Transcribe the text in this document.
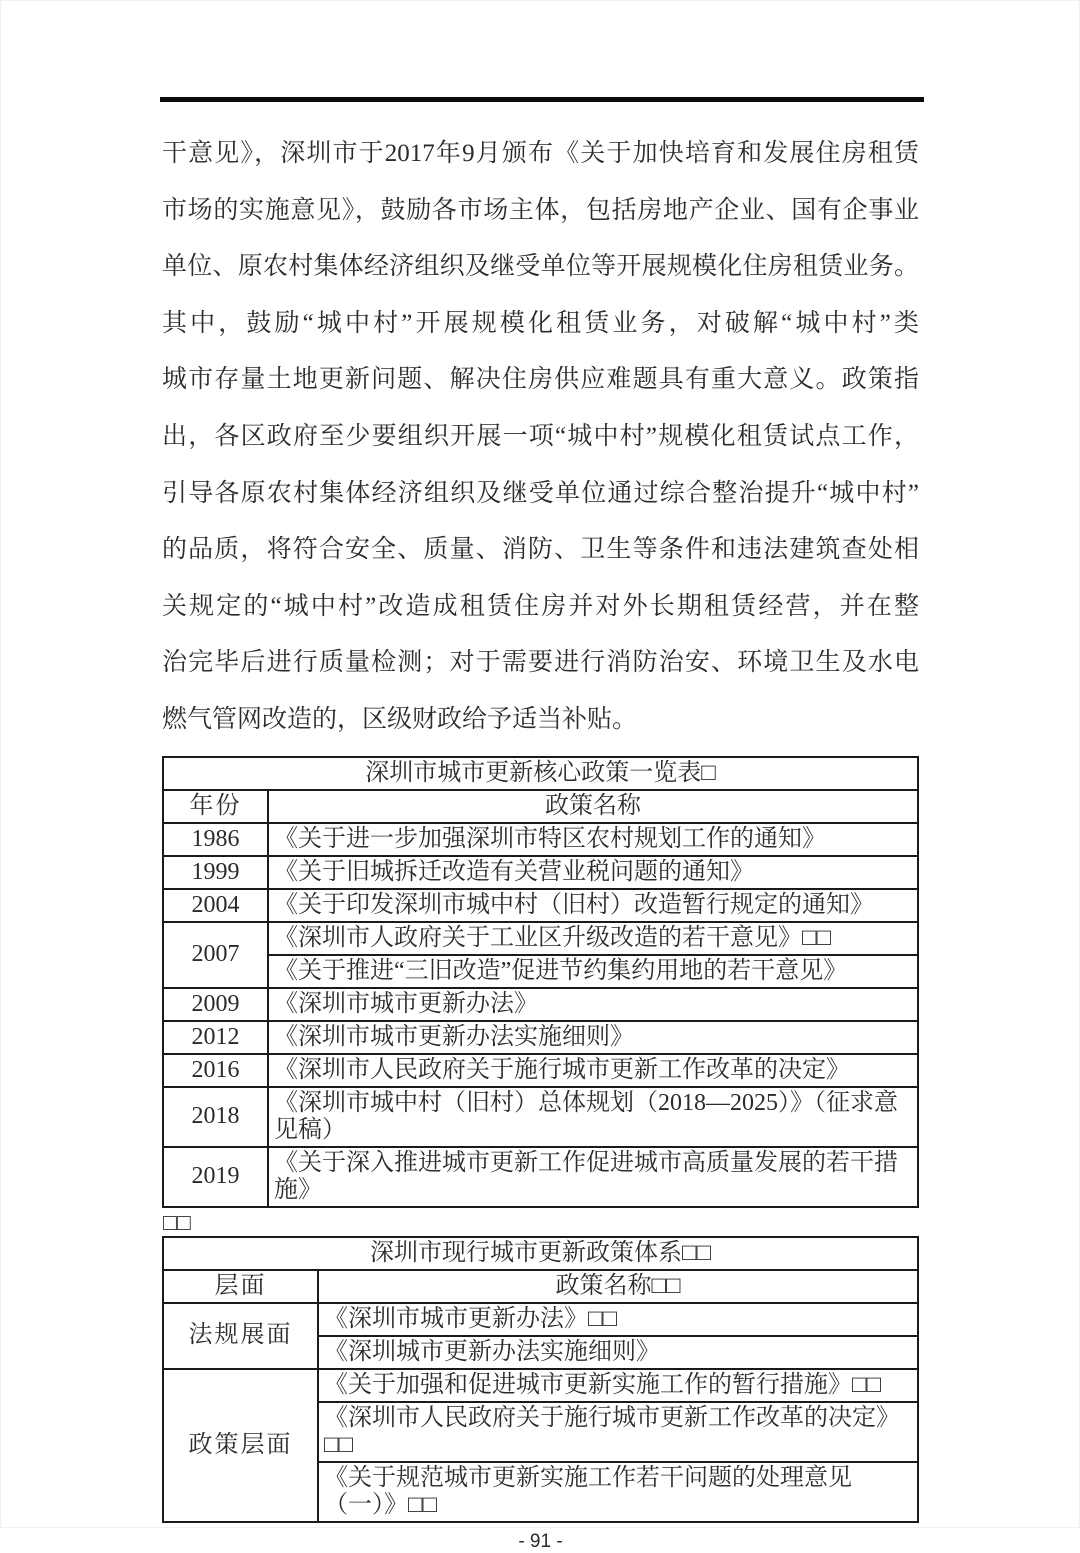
干意见》，深圳市于2017年9月颁布《关于加快培育和发展住房租赁
市场的实施意见》，鼓励各市场主体，包括房地产企业、国有企事业
单位、原农村集体经济组织及继受单位等开展规模化住房租赁业务。
其中，鼓励“城中村”开展规模化租赁业务，对破解“城中村”类
城市存量土地更新问题、解决住房供应难题具有重大意义。政策指
出，各区政府至少要组织开展一项“城中村”规模化租赁试点工作，
引导各原农村集体经济组织及继受单位通过综合整治提升“城中村”
的品质，将符合安全、质量、消防、卫生等条件和违法建筑查处相
关规定的“城中村”改造成租赁住房并对外长期租赁经营，并在整
治完毕后进行质量检测；对于需要进行消防治安、环境卫生及水电
燃气管网改造的，区级财政给予适当补贴。
深圳市城市更新核心政策一览表□	
年份	政策名称
1986	《关于进一步加强深圳市特区农村规划工作的通知》
1999	《关于旧城拆迁改造有关营业税问题的通知》
2004	《关于印发深圳市城中村（旧村）改造暂行规定的通知》
2007	《深圳市人政府关于工业区升级改造的若干意见》□□
	《关于推进“三旧改造”促进节约集约用地的若干意见》
2009	《深圳市城市更新办法》
2012	《深圳市城市更新办法实施细则》
2016	《深圳市人民政府关于施行城市更新工作改革的决定》
2018	《深圳市城中村（旧村）总体规划（2018—2025）》（征求意见稿）
2019	《关于深入推进城市更新工作促进城市高质量发展的若干措施》
□□
深圳市现行城市更新政策体系□□	
层面	政策名称□□
法规展面	《深圳市城市更新办法》□□
	《深圳城市更新办法实施细则》
政策层面	《关于加强和促进城市更新实施工作的暂行措施》□□
	《深圳市人民政府关于施行城市更新工作改革的决定》□□
	《关于规范城市更新实施工作若干问题的处理意见（一）》□□
- 91 -
